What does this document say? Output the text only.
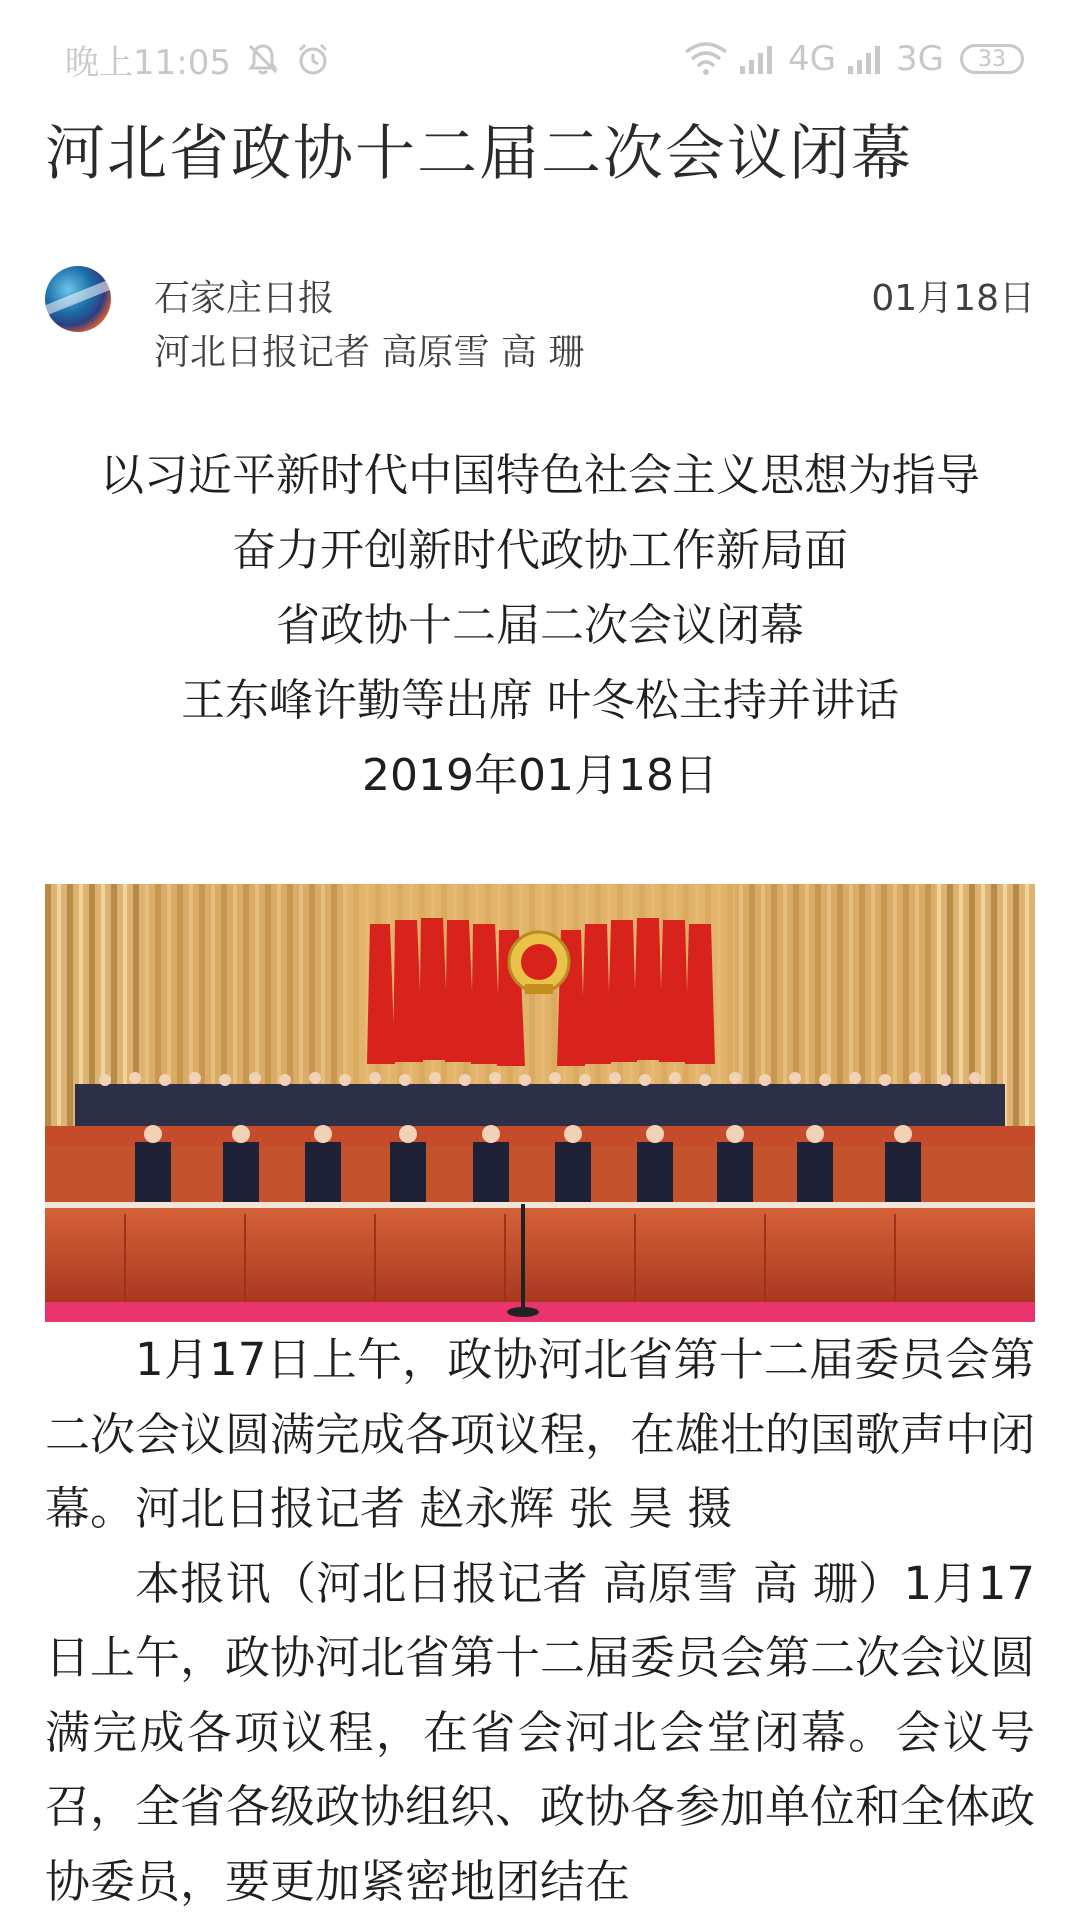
晚上11:05	4G 3G 33
河北省政协十二届二次会议闭幕
石家庄日报
河北日报记者 高原雪 高 珊
01月18日
以习近平新时代中国特色社会主义思想为指导
奋力开创新时代政协工作新局面
省政协十二届二次会议闭幕
王东峰许勤等出席 叶冬松主持并讲话
2019年01月18日

1月17日上午，政协河北省第十二届委员会第二次会议圆满完成各项议程，在雄壮的国歌声中闭幕。河北日报记者 赵永辉 张 昊 摄

本报讯（河北日报记者 高原雪 高 珊）1月17日上午，政协河北省第十二届委员会第二次会议圆满完成各项议程，在省会河北会堂闭幕。会议号召，全省各级政协组织、政协各参加单位和全体政协委员，要更加紧密地团结在
